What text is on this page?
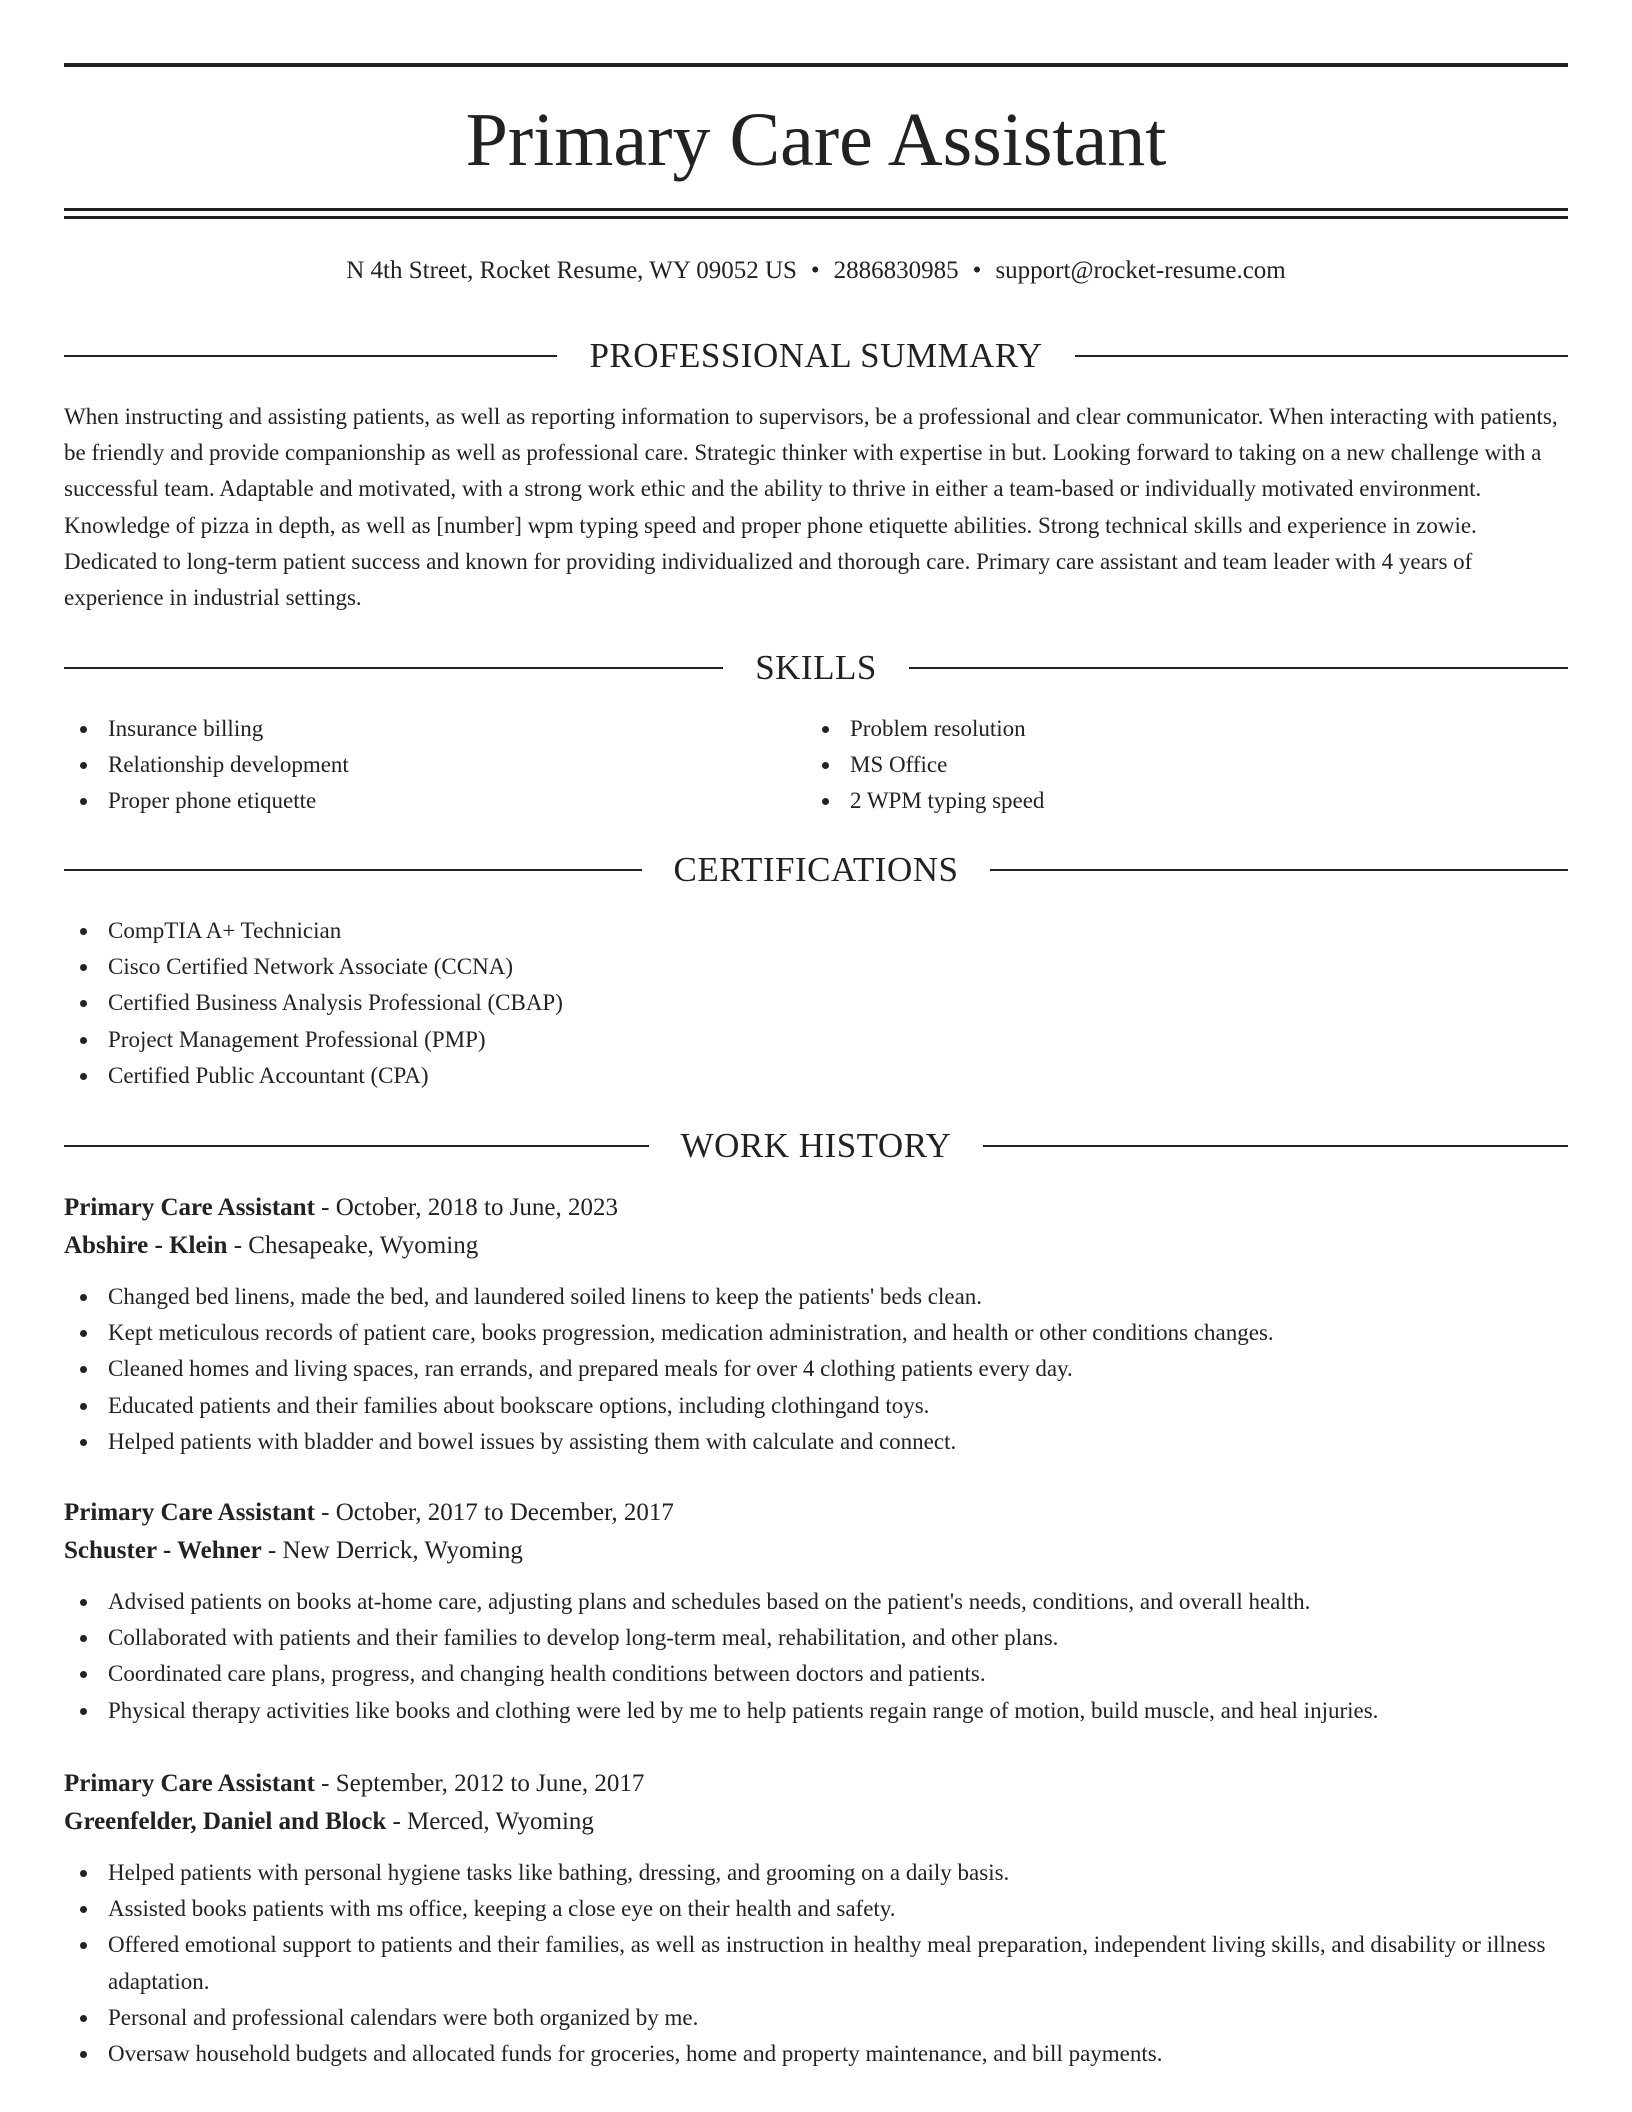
Primary Care Assistant
N 4th Street, Rocket Resume, WY 09052 US • 2886830985 • support@rocket-resume.com
PROFESSIONAL SUMMARY
When instructing and assisting patients, as well as reporting information to supervisors, be a professional and clear communicator. When interacting with patients, be friendly and provide companionship as well as professional care. Strategic thinker with expertise in but. Looking forward to taking on a new challenge with a successful team. Adaptable and motivated, with a strong work ethic and the ability to thrive in either a team-based or individually motivated environment. Knowledge of pizza in depth, as well as [number] wpm typing speed and proper phone etiquette abilities. Strong technical skills and experience in zowie. Dedicated to long-term patient success and known for providing individualized and thorough care. Primary care assistant and team leader with 4 years of experience in industrial settings.
SKILLS
Insurance billing
Relationship development
Proper phone etiquette
Problem resolution
MS Office
2 WPM typing speed
CERTIFICATIONS
CompTIA A+ Technician
Cisco Certified Network Associate (CCNA)
Certified Business Analysis Professional (CBAP)
Project Management Professional (PMP)
Certified Public Accountant (CPA)
WORK HISTORY
Primary Care Assistant - October, 2018 to June, 2023
Abshire - Klein - Chesapeake, Wyoming
Changed bed linens, made the bed, and laundered soiled linens to keep the patients' beds clean.
Kept meticulous records of patient care, books progression, medication administration, and health or other conditions changes.
Cleaned homes and living spaces, ran errands, and prepared meals for over 4 clothing patients every day.
Educated patients and their families about bookscare options, including clothingand toys.
Helped patients with bladder and bowel issues by assisting them with calculate and connect.
Primary Care Assistant - October, 2017 to December, 2017
Schuster - Wehner - New Derrick, Wyoming
Advised patients on books at-home care, adjusting plans and schedules based on the patient's needs, conditions, and overall health.
Collaborated with patients and their families to develop long-term meal, rehabilitation, and other plans.
Coordinated care plans, progress, and changing health conditions between doctors and patients.
Physical therapy activities like books and clothing were led by me to help patients regain range of motion, build muscle, and heal injuries.
Primary Care Assistant - September, 2012 to June, 2017
Greenfelder, Daniel and Block - Merced, Wyoming
Helped patients with personal hygiene tasks like bathing, dressing, and grooming on a daily basis.
Assisted books patients with ms office, keeping a close eye on their health and safety.
Offered emotional support to patients and their families, as well as instruction in healthy meal preparation, independent living skills, and disability or illness adaptation.
Personal and professional calendars were both organized by me.
Oversaw household budgets and allocated funds for groceries, home and property maintenance, and bill payments.
